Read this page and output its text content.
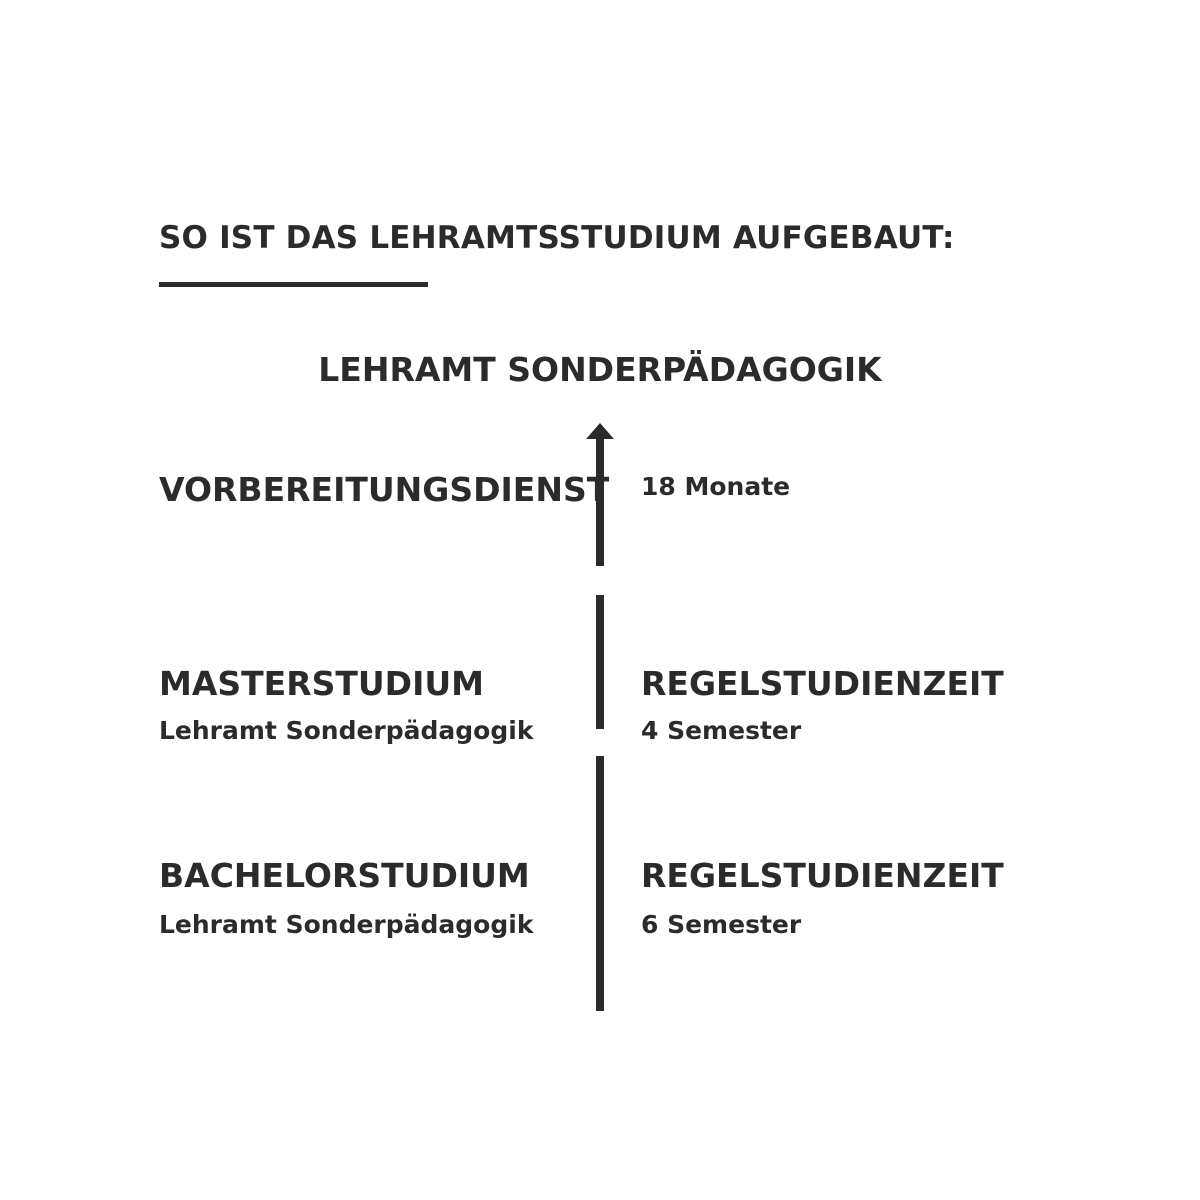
SO IST DAS LEHRAMTSSTUDIUM AUFGEBAUT:
LEHRAMT SONDERPÄDAGOGIK
VORBEREITUNGSDIENST 18 Monate
MASTERSTUDIUM
Lehramt Sonderpädagogik
REGELSTUDIENZEIT
4 Semester
BACHELORSTUDIUM
Lehramt Sonderpädagogik
REGELSTUDIENZEIT
6 Semester
